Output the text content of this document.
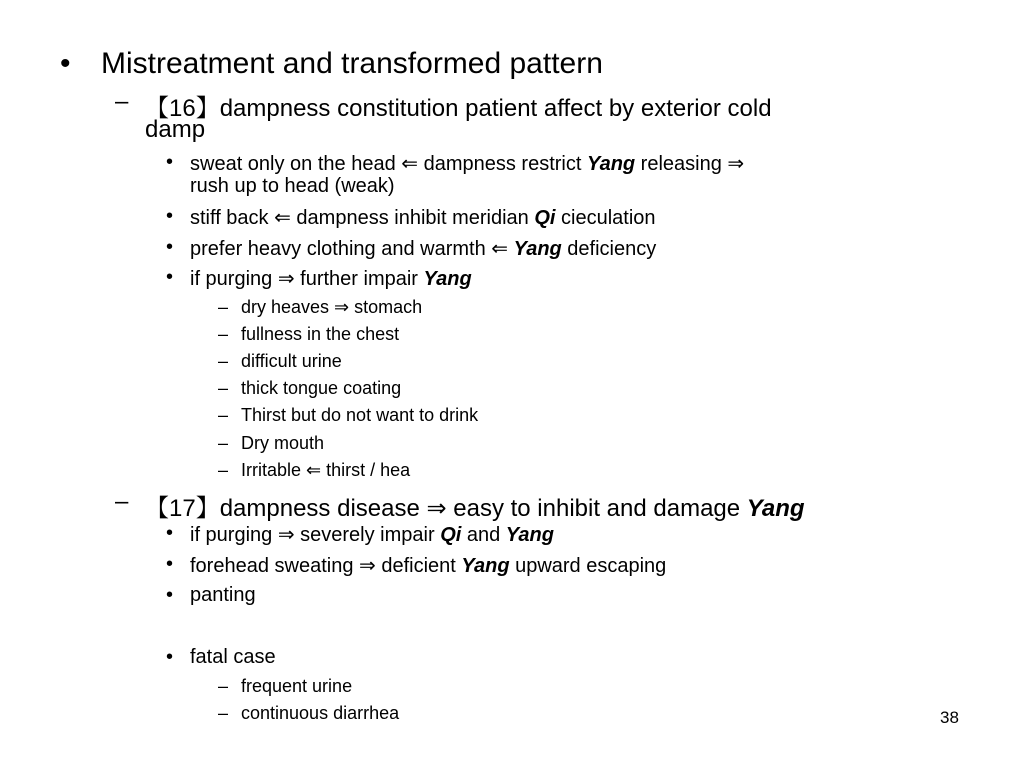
• Mistreatment and transformed pattern
– 【16】dampness constitution patient affect by exterior cold
damp
• sweat only on the head ⇐ dampness restrict Yang releasing ⇒
rush up to head (weak)
• stiff back ⇐ dampness inhibit meridian Qi cieculation
• prefer heavy clothing and warmth ⇐ Yang deficiency
• if purging ⇒ further impair Yang
– dry heaves ⇒ stomach
– fullness in the chest
– difficult urine
– thick tongue coating
– Thirst but do not want to drink
– Dry mouth
– Irritable ⇐ thirst / hea
– 【17】dampness disease ⇒ easy to inhibit and damage Yang
• if purging ⇒ severely impair Qi and Yang
• forehead sweating ⇒ deficient Yang upward escaping
• panting
• fatal case
– frequent urine
– continuous diarrhea	38
